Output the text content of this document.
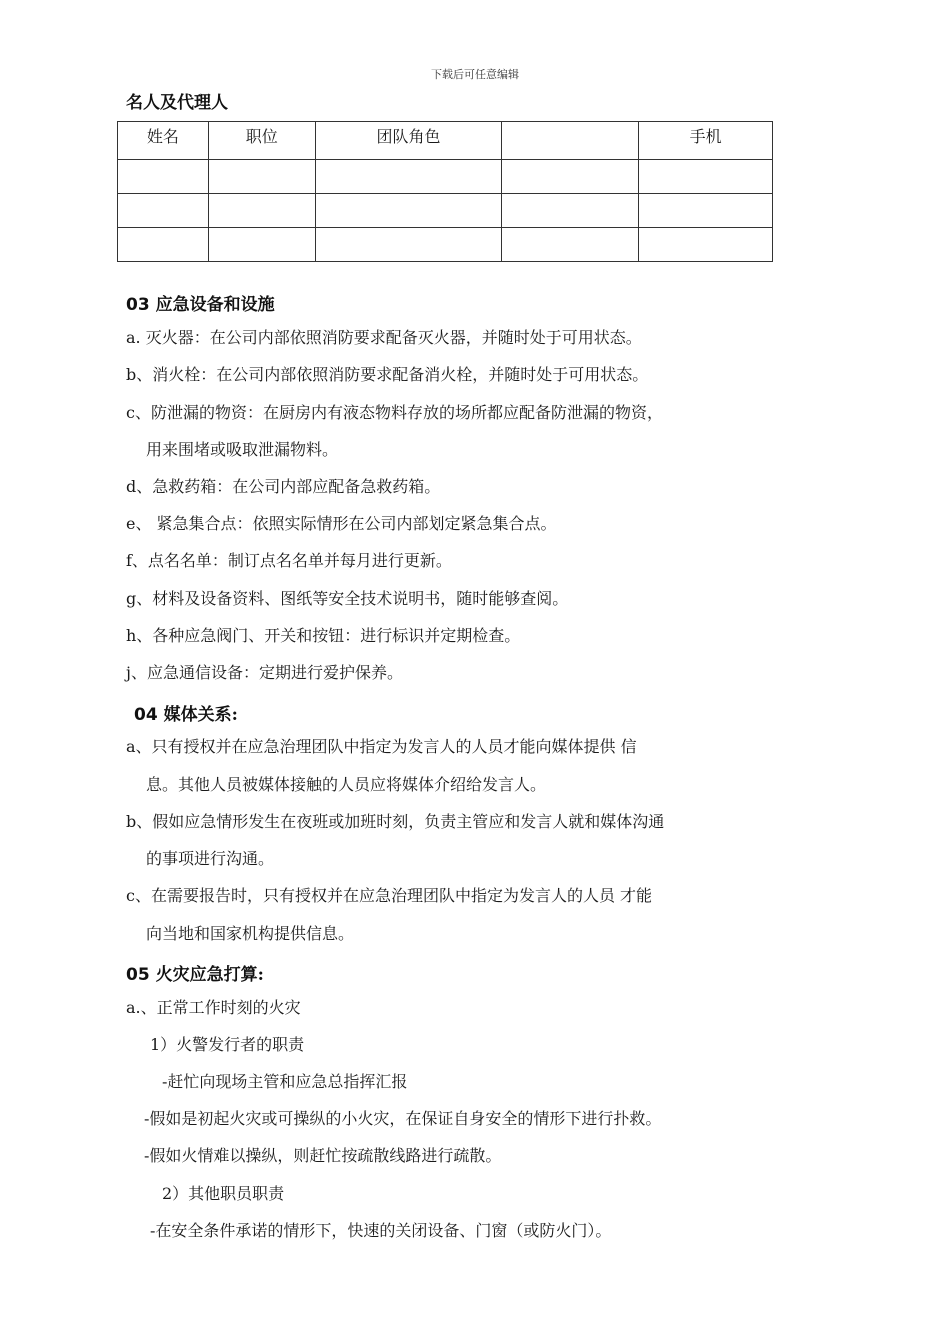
下载后可任意编辑
名人及代理人
姓名	职位	团队角色		手机

03 应急设备和设施
a. 灭火器：在公司内部依照消防要求配备灭火器，并随时处于可用状态。
b、消火栓：在公司内部依照消防要求配备消火栓，并随时处于可用状态。
c、防泄漏的物资：在厨房内有液态物料存放的场所都应配备防泄漏的物资，
用来围堵或吸取泄漏物料。
d、急救药箱：在公司内部应配备急救药箱。
e、 紧急集合点：依照实际情形在公司内部划定紧急集合点。
f、点名名单：制订点名名单并每月进行更新。
g、材料及设备资料、图纸等安全技术说明书，随时能够查阅。
h、各种应急阀门、开关和按钮：进行标识并定期检查。
j、应急通信设备：定期进行爱护保养。
04 媒体关系:
a、只有授权并在应急治理团队中指定为发言人的人员才能向媒体提供 信
息。其他人员被媒体接触的人员应将媒体介绍给发言人。
b、假如应急情形发生在夜班或加班时刻，负责主管应和发言人就和媒体沟通
的事项进行沟通。
c、在需要报告时，只有授权并在应急治理团队中指定为发言人的人员 才能
向当地和国家机构提供信息。
05 火灾应急打算:
a.、正常工作时刻的火灾
1）火警发行者的职责
-赶忙向现场主管和应急总指挥汇报
-假如是初起火灾或可操纵的小火灾，在保证自身安全的情形下进行扑救。
-假如火情难以操纵，则赶忙按疏散线路进行疏散。
2）其他职员职责
-在安全条件承诺的情形下，快速的关闭设备、门窗（或防火门）。
